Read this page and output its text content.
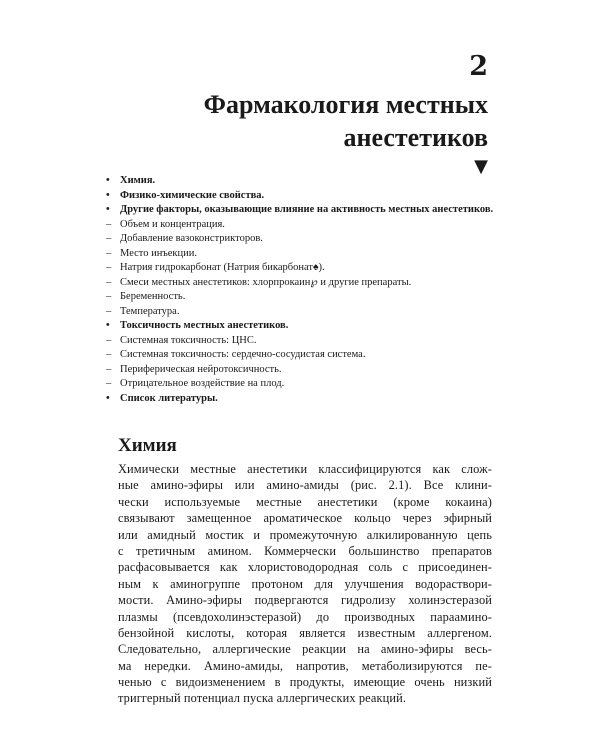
2
Фармакология местных
анестетиков
▼
• Химия.
• Физико-химические свойства.
• Другие факторы, оказывающие влияние на активность местных анестетиков.
– Объем и концентрация.
– Добавление вазоконстрикторов.
– Место инъекции.
– Натрия гидрокарбонат (Натрия бикарбонат♠).
– Смеси местных анестетиков: хлорпрокаин℘ и другие препараты.
– Беременность.
– Температура.
• Токсичность местных анестетиков.
– Системная токсичность: ЦНС.
– Системная токсичность: сердечно-сосудистая система.
– Периферическая нейротоксичность.
– Отрицательное воздействие на плод.
• Список литературы.
Химия
Химически местные анестетики классифицируются как слож-
ные амино-эфиры или амино-амиды (рис. 2.1). Все клини-
чески используемые местные анестетики (кроме кокаина)
связывают замещенное ароматическое кольцо через эфирный
или амидный мостик и промежуточную алкилированную цепь
с третичным амином. Коммерчески большинство препаратов
расфасовывается как хлористоводородная соль с присоединен-
ным к аминогруппе протоном для улучшения водораствори-
мости. Амино-эфиры подвергаются гидролизу холинэстеразой
плазмы (псевдохолинэстеразой) до производных параамино-
бензойной кислоты, которая является известным аллергеном.
Следовательно, аллергические реакции на амино-эфиры весь-
ма нередки. Амино-амиды, напротив, метаболизируются пе-
ченью с видоизменением в продукты, имеющие очень низкий
триггерный потенциал пуска аллергических реакций.
